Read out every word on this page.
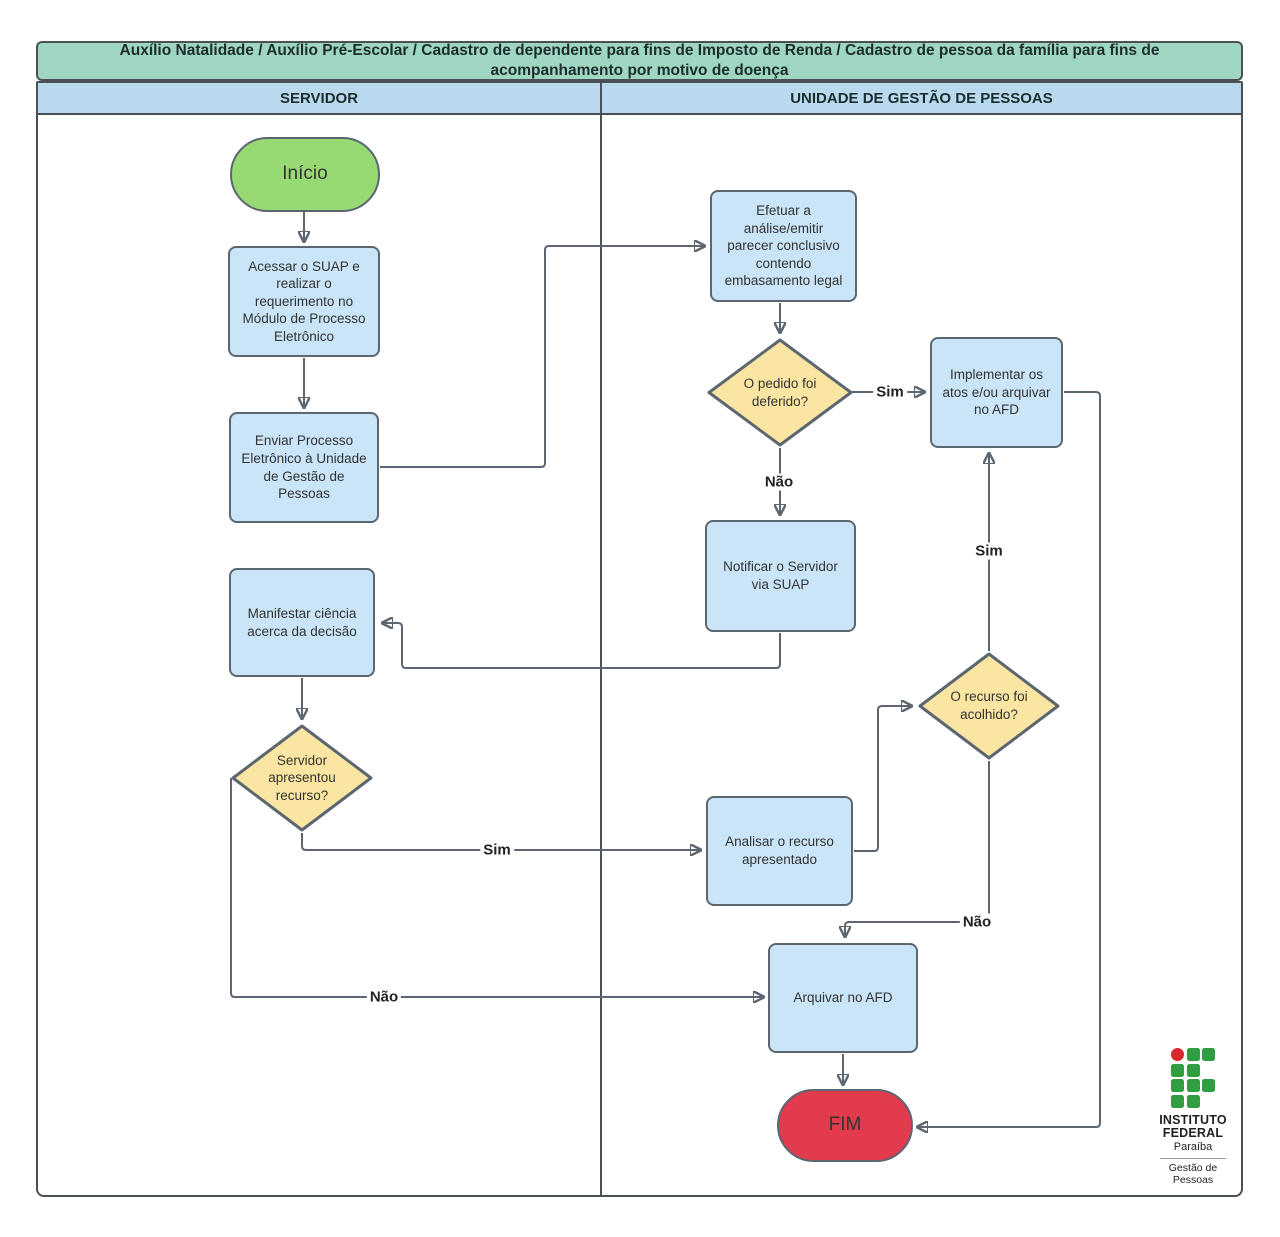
Auxílio Natalidade / Auxílio Pré-Escolar / Cadastro de dependente para fins de Imposto de Renda / Cadastro de pessoa da família para fins de acompanhamento por motivo de doença
SERVIDOR	UNIDADE DE GESTÃO DE PESSOAS
Início
Acessar o SUAP e realizar o requerimento no Módulo de Processo Eletrônico
Enviar Processo Eletrônico à Unidade de Gestão de Pessoas
Efetuar a análise/emitir parecer conclusivo contendo embasamento legal
O pedido foi deferido?
Implementar os atos e/ou arquivar no AFD
Notificar o Servidor via SUAP
Manifestar ciência acerca da decisão
Servidor apresentou recurso?
Analisar o recurso apresentado
O recurso foi acolhido?
Arquivar no AFD
FIM
Sim
Não
Sim
Não
Sim
Não
INSTITUTO
FEDERAL
Paraíba
Gestão de
Pessoas
